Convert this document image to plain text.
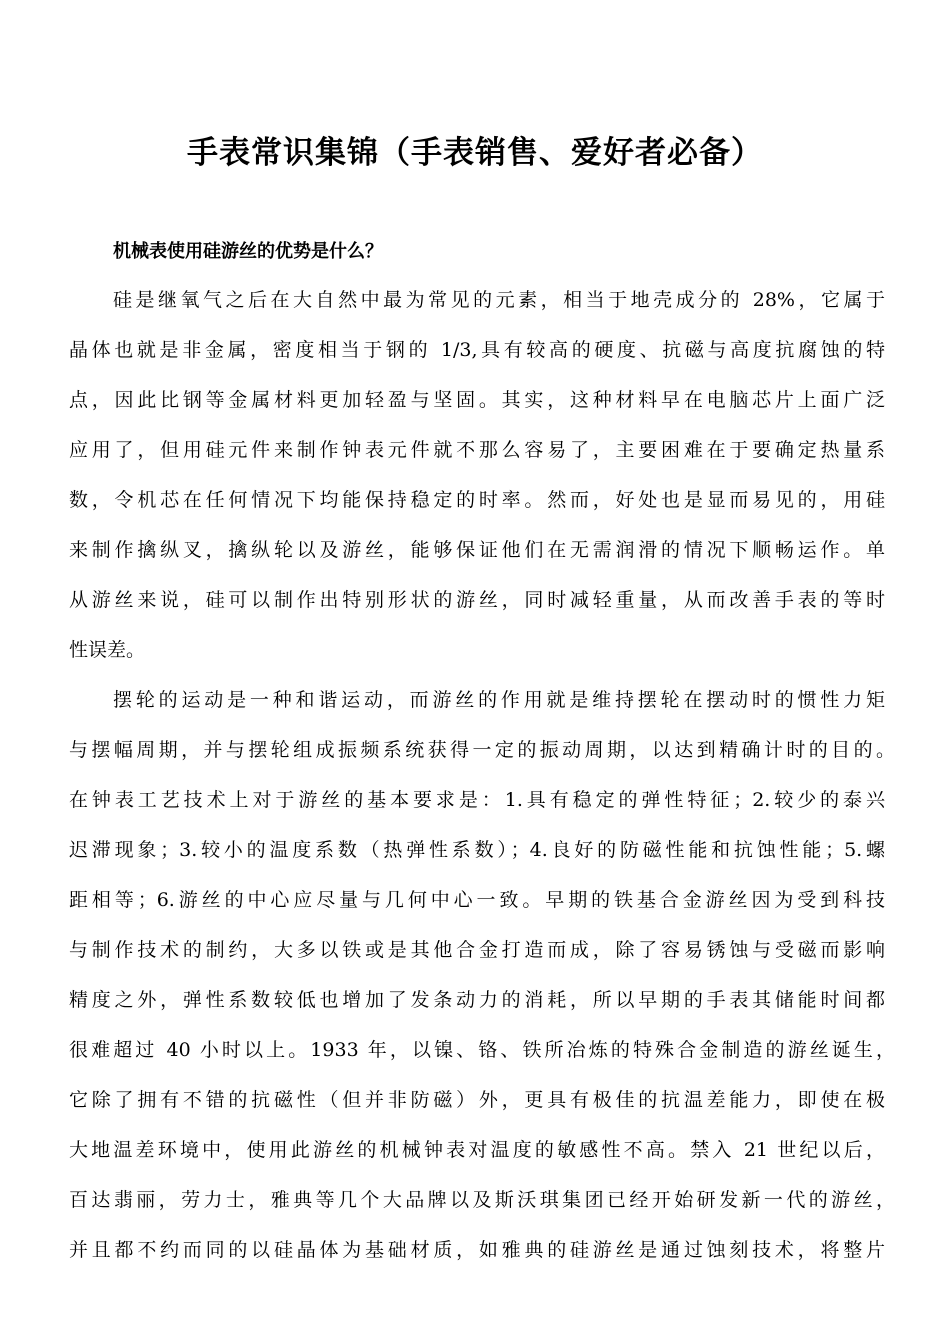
手表常识集锦（手表销售、爱好者必备）
机械表使用硅游丝的优势是什么？
硅是继氧气之后在大自然中最为常见的元素，相当于地壳成分的 28%，它属于
晶体也就是非金属，密度相当于钢的 1/3,具有较高的硬度、抗磁与高度抗腐蚀的特
点，因此比钢等金属材料更加轻盈与坚固。其实，这种材料早在电脑芯片上面广泛
应用了，但用硅元件来制作钟表元件就不那么容易了，主要困难在于要确定热量系
数，令机芯在任何情况下均能保持稳定的时率。然而，好处也是显而易见的，用硅
来制作擒纵叉，擒纵轮以及游丝，能够保证他们在无需润滑的情况下顺畅运作。单
从游丝来说，硅可以制作出特别形状的游丝，同时减轻重量，从而改善手表的等时
性误差。
摆轮的运动是一种和谐运动，而游丝的作用就是维持摆轮在摆动时的惯性力矩
与摆幅周期，并与摆轮组成振频系统获得一定的振动周期，以达到精确计时的目的。
在钟表工艺技术上对于游丝的基本要求是：1.具有稳定的弹性特征；2.较少的泰兴
迟滞现象；3.较小的温度系数（热弹性系数）；4.良好的防磁性能和抗蚀性能；5.螺
距相等；6.游丝的中心应尽量与几何中心一致。早期的铁基合金游丝因为受到科技
与制作技术的制约，大多以铁或是其他合金打造而成，除了容易锈蚀与受磁而影响
精度之外，弹性系数较低也增加了发条动力的消耗，所以早期的手表其储能时间都
很难超过 40 小时以上。1933 年，以镍、铬、铁所冶炼的特殊合金制造的游丝诞生，
它除了拥有不错的抗磁性（但并非防磁）外，更具有极佳的抗温差能力，即使在极
大地温差环境中，使用此游丝的机械钟表对温度的敏感性不高。禁入 21 世纪以后，
百达翡丽，劳力士，雅典等几个大品牌以及斯沃琪集团已经开始研发新一代的游丝，
并且都不约而同的以硅晶体为基础材质，如雅典的硅游丝是通过蚀刻技术，将整片
